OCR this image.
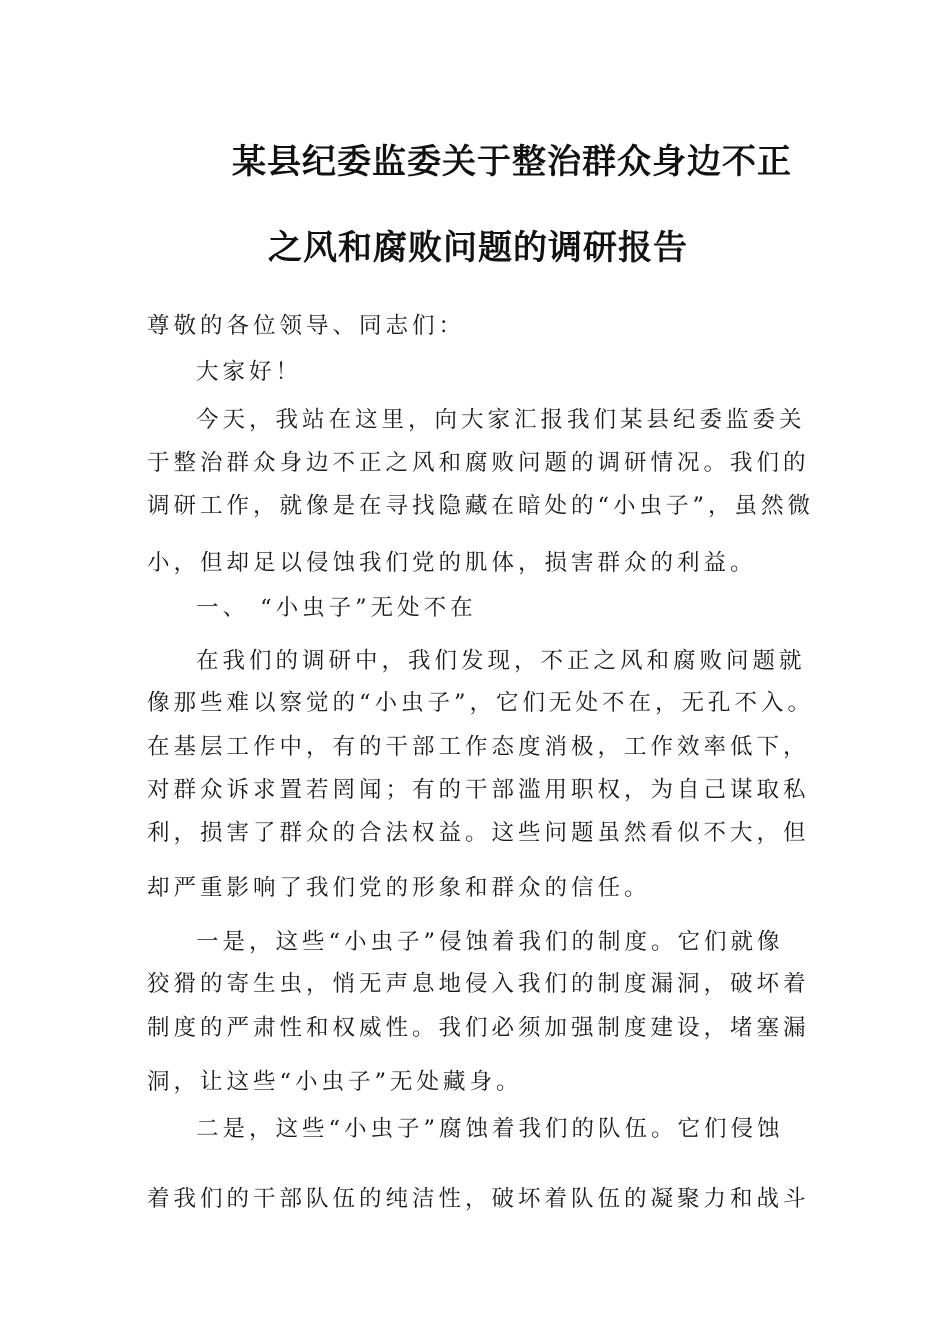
某县纪委监委关于整治群众身边不正
之风和腐败问题的调研报告
尊敬的各位领导、同志们：
大家好！
今天，我站在这里，向大家汇报我们某县纪委监委关
于整治群众身边不正之风和腐败问题的调研情况。我们的
调研工作，就像是在寻找隐藏在暗处的“小虫子”，虽然微
小，但却足以侵蚀我们党的肌体，损害群众的利益。
一、 “小虫子”无处不在
在我们的调研中，我们发现，不正之风和腐败问题就
像那些难以察觉的“小虫子”，它们无处不在，无孔不入。
在基层工作中，有的干部工作态度消极，工作效率低下，
对群众诉求置若罔闻；有的干部滥用职权，为自己谋取私
利，损害了群众的合法权益。这些问题虽然看似不大，但
却严重影响了我们党的形象和群众的信任。
一是，这些“小虫子”侵蚀着我们的制度。它们就像
狡猾的寄生虫，悄无声息地侵入我们的制度漏洞，破坏着
制度的严肃性和权威性。我们必须加强制度建设，堵塞漏
洞，让这些“小虫子”无处藏身。
二是，这些“小虫子”腐蚀着我们的队伍。它们侵蚀
着我们的干部队伍的纯洁性，破坏着队伍的凝聚力和战斗
